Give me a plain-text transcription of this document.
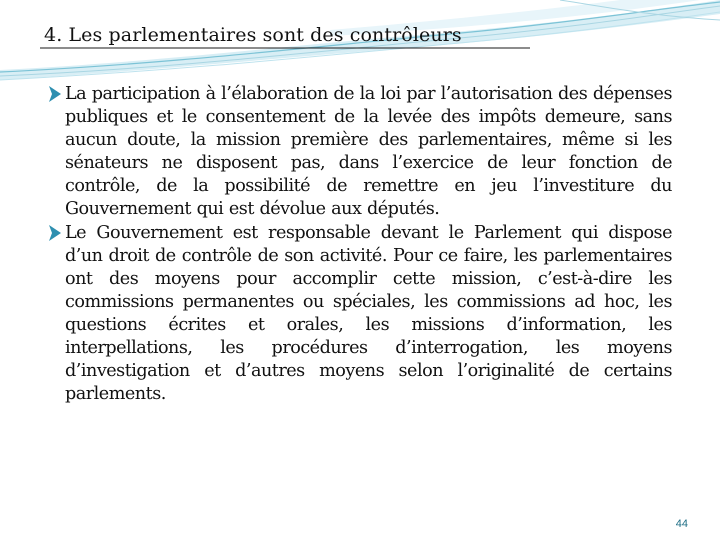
4. Les parlementaires sont des contrôleurs
La participation à l’élaboration de la loi par l’autorisation des dépenses publiques et le consentement de la levée des impôts demeure, sans aucun doute, la mission première des parlementaires, même si les sénateurs ne disposent pas, dans l’exercice de leur fonction de contrôle, de la possibilité de remettre en jeu l’investiture du Gouvernement qui est dévolue aux députés.
Le Gouvernement est responsable devant le Parlement qui dispose d’un droit de contrôle de son activité. Pour ce faire, les parlementaires ont des moyens pour accomplir cette mission, c’est-à-dire les commissions permanentes ou spéciales, les commissions ad hoc, les questions écrites et orales, les missions d’information, les interpellations, les procédures d’interrogation, les moyens d’investigation et d’autres moyens selon l’originalité de certains parlements.
44
